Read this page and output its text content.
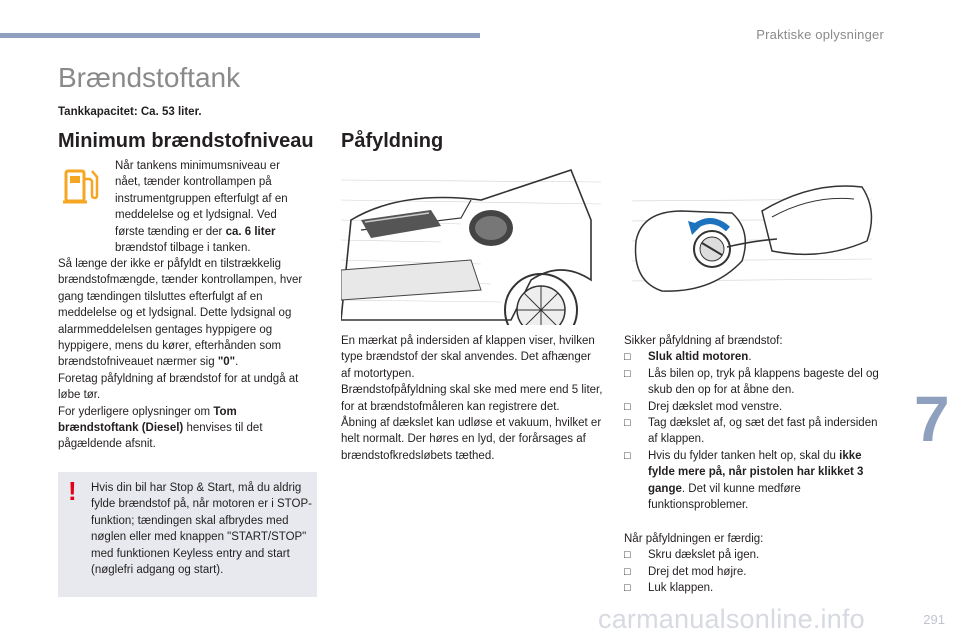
Praktiske oplysninger
Brændstoftank
Tankkapacitet: Ca. 53 liter.
Minimum brændstofniveau

Når tankens minimumsniveau er nået, tænder kontrollampen på instrumentgruppen efterfulgt af en meddelelse og et lydsignal. Ved første tænding er der ca. 6 liter brændstof tilbage i tanken.

Så længe der ikke er påfyldt en tilstrækkelig brændstofmængde, tænder kontrollampen, hver gang tændingen tilsluttes efterfulgt af en meddelelse og et lydsignal. Dette lydsignal og alarmmeddelelsen gentages hyppigere og hyppigere, mens du kører, efterhånden som brændstofniveauet nærmer sig "0".

Foretag påfyldning af brændstof for at undgå at løbe tør.

For yderligere oplysninger om Tom brændstoftank (Diesel) henvises til det pågældende afsnit.

! Hvis din bil har Stop & Start, må du aldrig fylde brændstof på, når motoren er i STOP-funktion; tændingen skal afbrydes med nøglen eller med knappen "START/STOP" med funktionen Keyless entry and start (nøglefri adgang og start).

Påfyldning

En mærkat på indersiden af klappen viser, hvilken type brændstof der skal anvendes. Det afhænger af motortypen.

Brændstofpåfyldning skal ske med mere end 5 liter, for at brændstofmåleren kan registrere det.

Åbning af dækslet kan udløse et vakuum, hvilket er helt normalt. Der høres en lyd, der forårsages af brændstofkredsløbets tæthed.

Sikker påfyldning af brændstof:

□ Sluk altid motoren.

□ Lås bilen op, tryk på klappens bageste del og skub den op for at åbne den.

□ Drej dækslet mod venstre.

□ Tag dækslet af, og sæt det fast på indersiden af klappen.

□ Hvis du fylder tanken helt op, skal du ikke fylde mere på, når pistolen har klikket 3 gange. Det vil kunne medføre funktionsproblemer.

Når påfyldningen er færdig:

□ Skru dækslet på igen.

□ Drej det mod højre.

□ Luk klappen.

7
carmanualsonline.info	291
